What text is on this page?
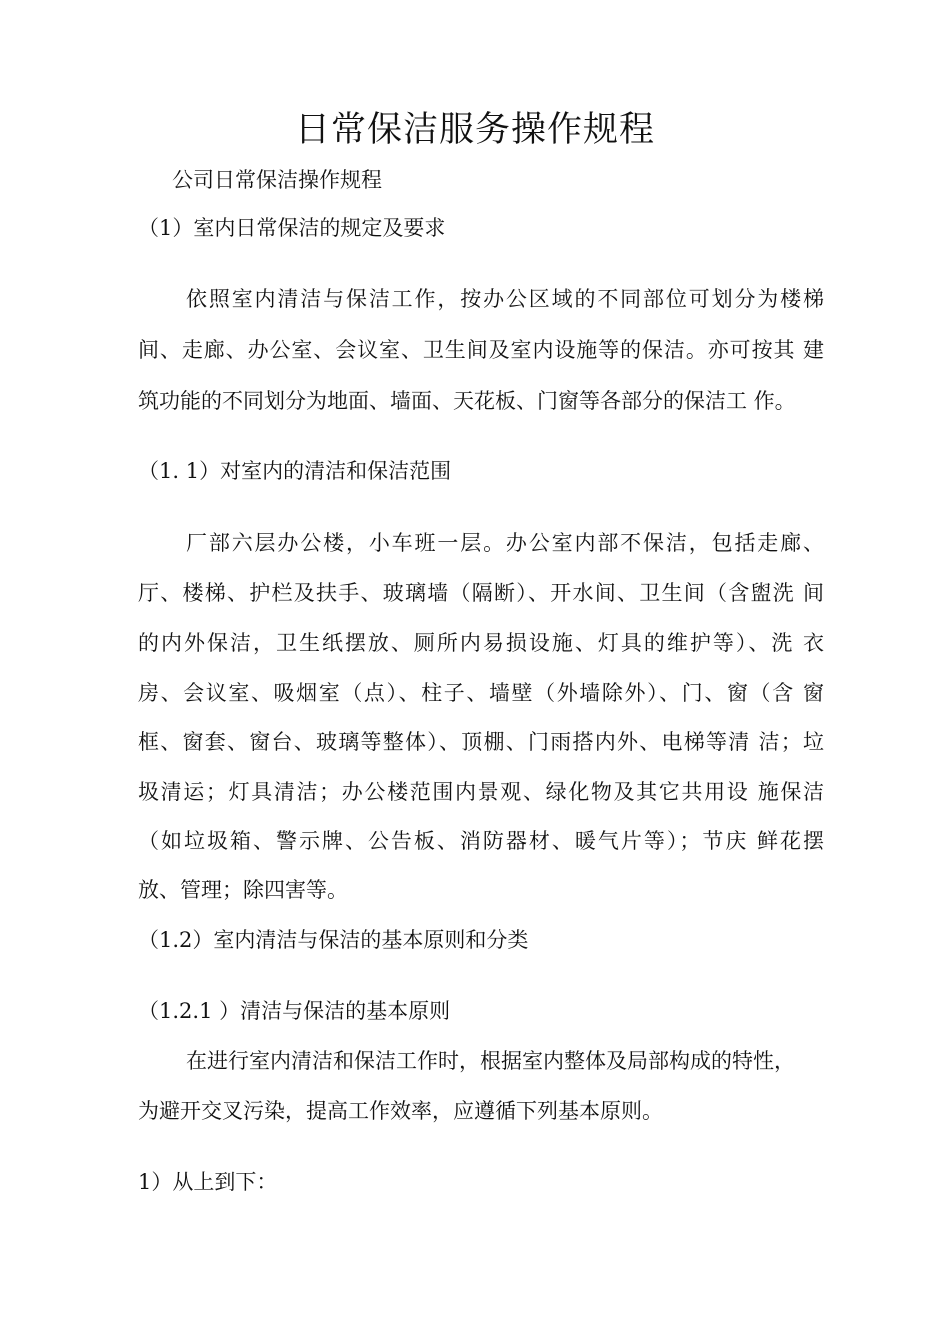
日常保洁服务操作规程
公司日常保洁操作规程
（1）室内日常保洁的规定及要求
依照室内清洁与保洁工作，按办公区域的不同部位可划分为楼梯
间、走廊、办公室、会议室、卫生间及室内设施等的保洁。亦可按其 建
筑功能的不同划分为地面、墙面、天花板、门窗等各部分的保洁工 作。
（1. 1）对室内的清洁和保洁范围
厂部六层办公楼，小车班一层。办公室内部不保洁，包括走廊、
厅、楼梯、护栏及扶手、玻璃墙（隔断）、开水间、卫生间（含盥洗 间
的内外保洁，卫生纸摆放、厕所内易损设施、灯具的维护等）、洗 衣
房、会议室、吸烟室（点）、柱子、墙壁（外墙除外）、门、窗（含 窗
框、窗套、窗台、玻璃等整体）、顶棚、门雨搭内外、电梯等清 洁；垃
圾清运；灯具清洁；办公楼范围内景观、绿化物及其它共用设 施保洁
（如垃圾箱、警示牌、公告板、消防器材、暖气片等）；节庆 鲜花摆
放、管理；除四害等。
（1.2）室内清洁与保洁的基本原则和分类
（1.2.1 ）清洁与保洁的基本原则
在进行室内清洁和保洁工作时，根据室内整体及局部构成的特性，
为避开交叉污染，提高工作效率，应遵循下列基本原则。
1）从上到下：
